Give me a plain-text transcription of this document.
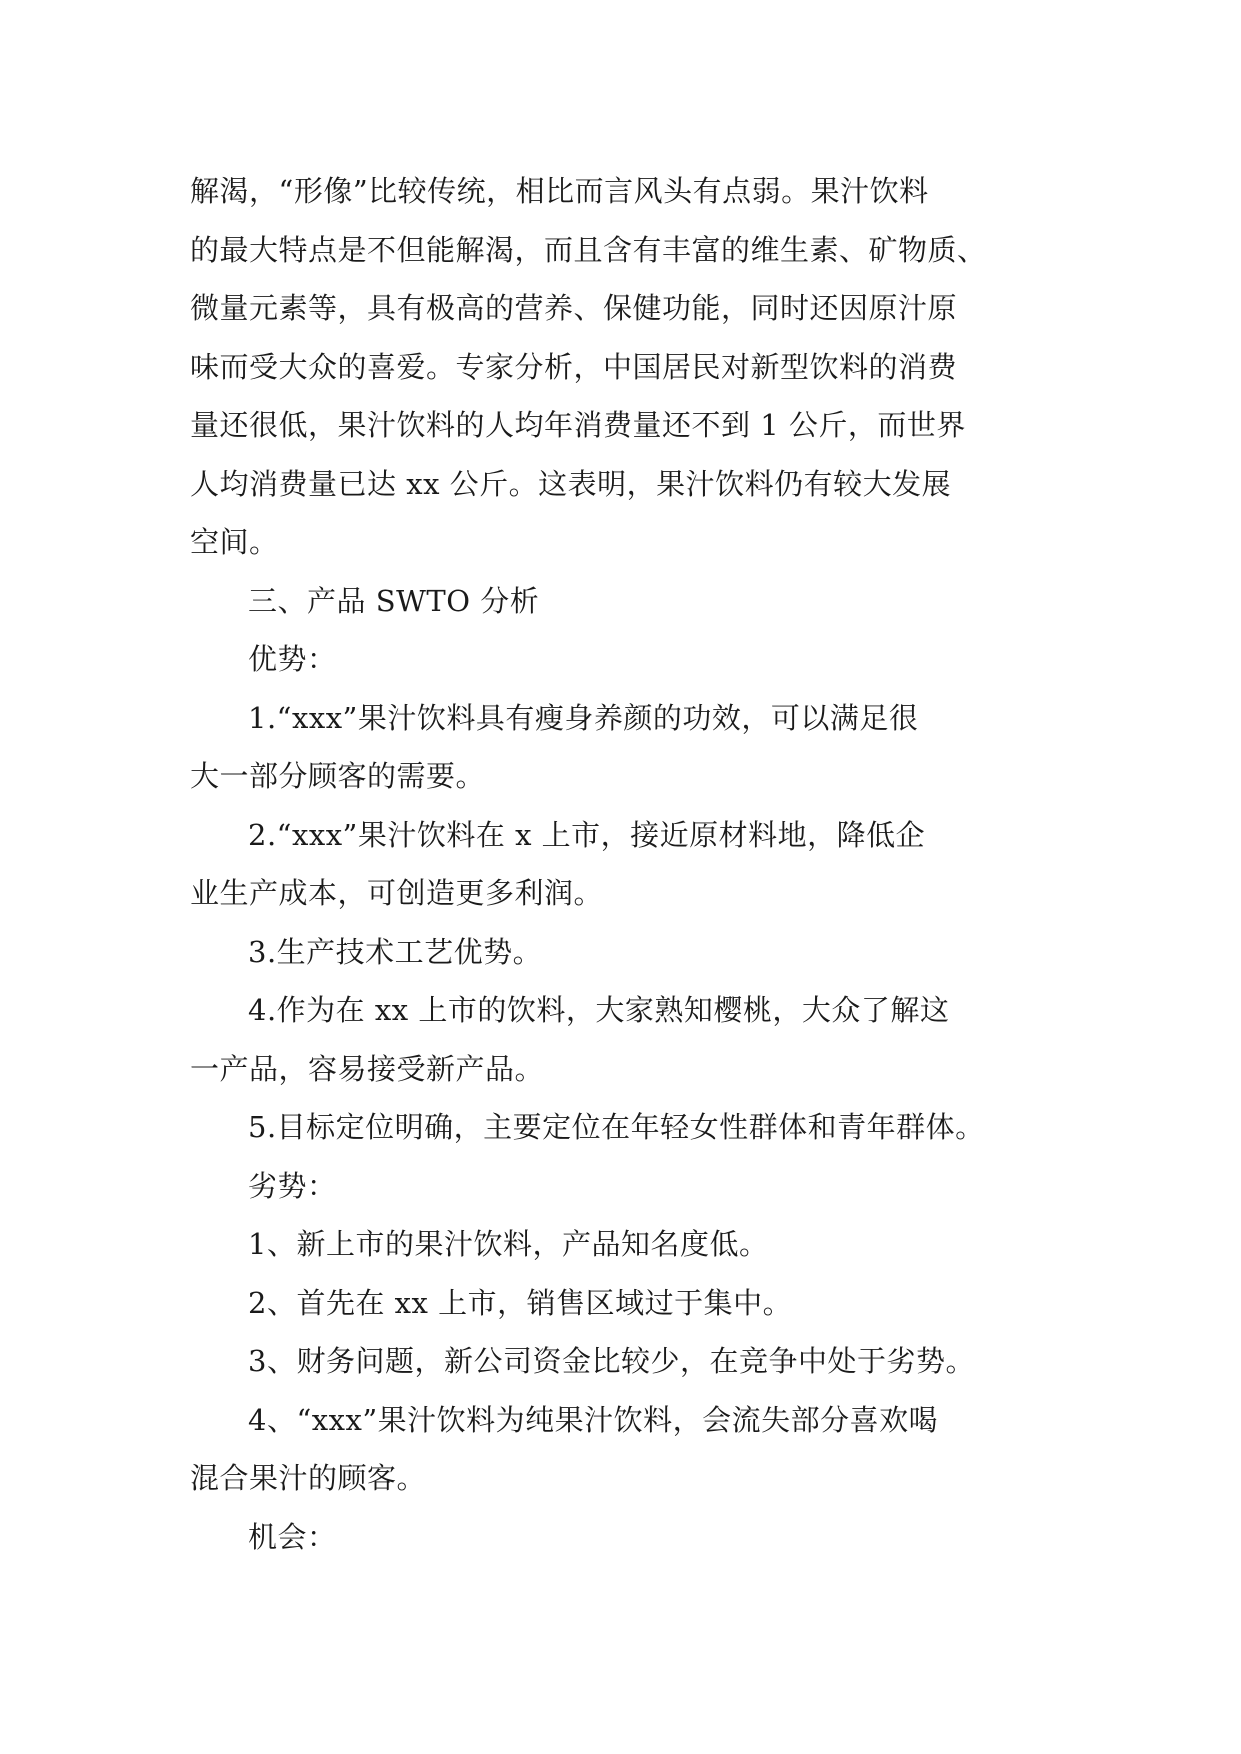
解渴，“形像”比较传统，相比而言风头有点弱。果汁饮料
的最大特点是不但能解渴，而且含有丰富的维生素、矿物质、
微量元素等，具有极高的营养、保健功能，同时还因原汁原
味而受大众的喜爱。专家分析，中国居民对新型饮料的消费
量还很低，果汁饮料的人均年消费量还不到 1 公斤，而世界
人均消费量已达 xx 公斤。这表明，果汁饮料仍有较大发展
空间。

三、产品 SWTO 分析

优势：

1.“xxx”果汁饮料具有瘦身养颜的功效，可以满足很
大一部分顾客的需要。

2.“xxx”果汁饮料在 x 上市，接近原材料地，降低企
业生产成本，可创造更多利润。

3.生产技术工艺优势。

4.作为在 xx 上市的饮料，大家熟知樱桃，大众了解这
一产品，容易接受新产品。

5.目标定位明确，主要定位在年轻女性群体和青年群体。

劣势：

1、新上市的果汁饮料，产品知名度低。

2、首先在 xx 上市，销售区域过于集中。

3、财务问题，新公司资金比较少，在竞争中处于劣势。

4、“xxx”果汁饮料为纯果汁饮料，会流失部分喜欢喝
混合果汁的顾客。

机会：
